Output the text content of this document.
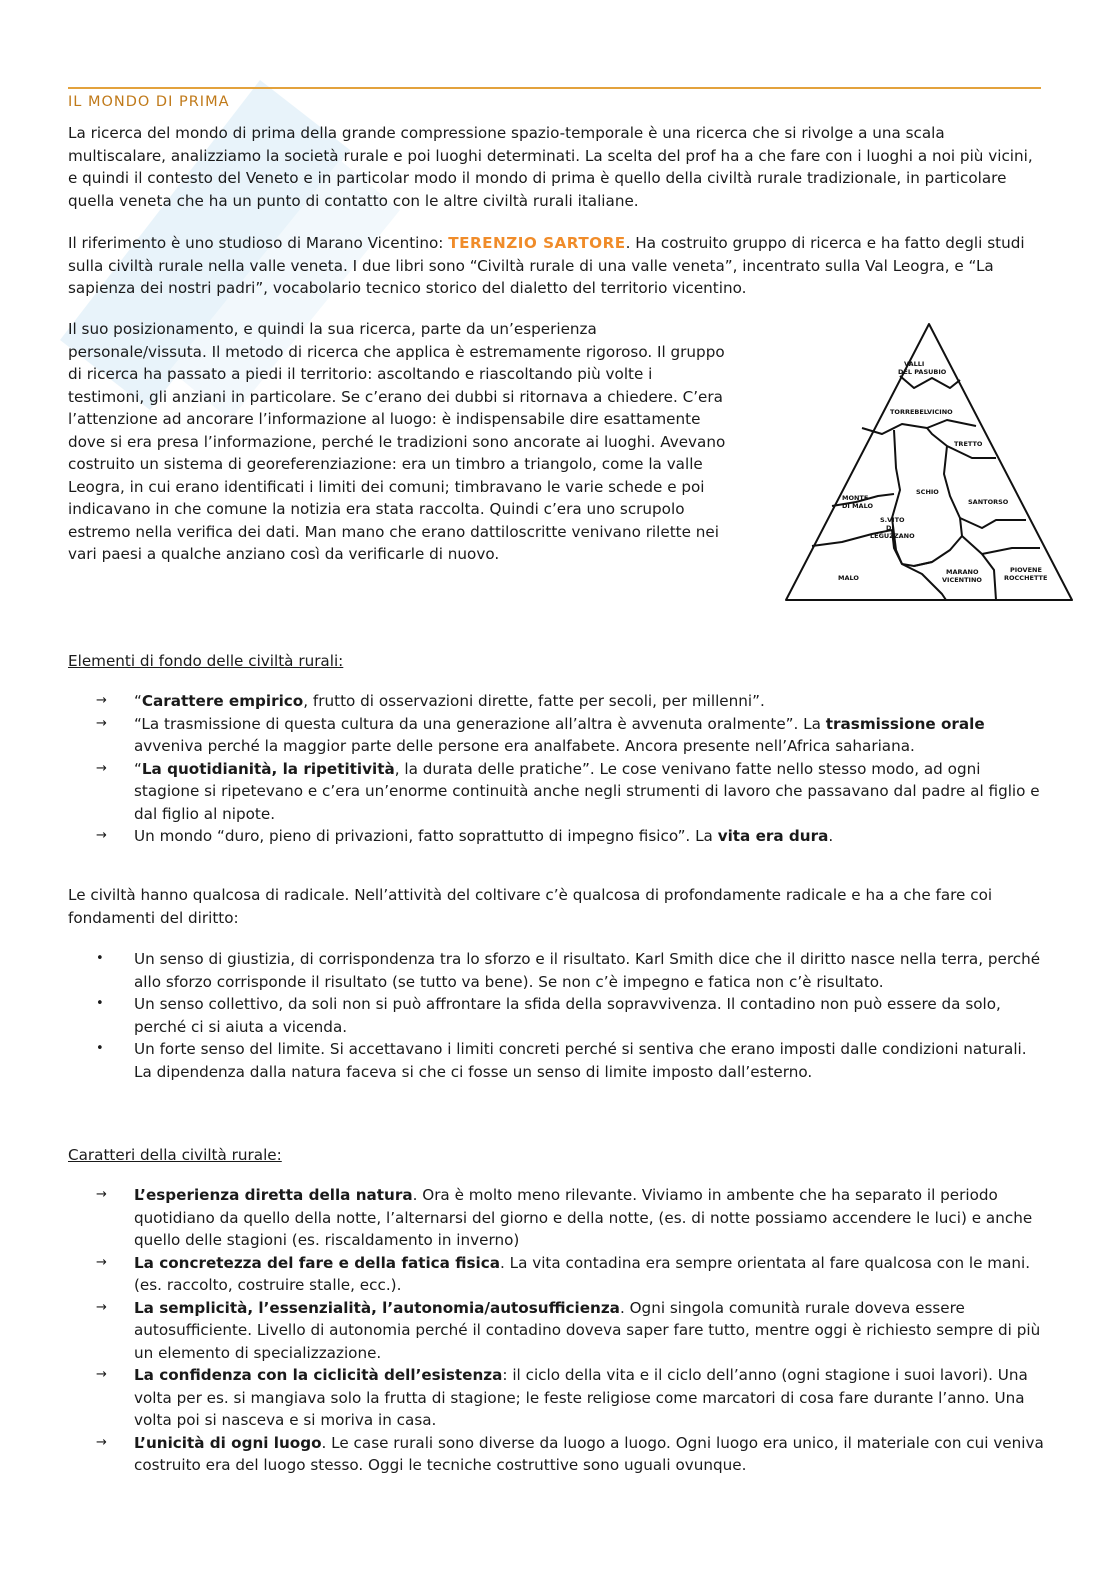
IL MONDO DI PRIMA

La ricerca del mondo di prima della grande compressione spazio-temporale è una ricerca che si rivolge a una scala multiscalare, analizziamo la società rurale e poi luoghi determinati. La scelta del prof ha a che fare con i luoghi a noi più vicini, e quindi il contesto del Veneto e in particolar modo il mondo di prima è quello della civiltà rurale tradizionale, in particolare quella veneta che ha un punto di contatto con le altre civiltà rurali italiane.

Il riferimento è uno studioso di Marano Vicentino: TERENZIO SARTORE. Ha costruito gruppo di ricerca e ha fatto degli studi sulla civiltà rurale nella valle veneta. I due libri sono “Civiltà rurale di una valle veneta”, incentrato sulla Val Leogra, e “La sapienza dei nostri padri”, vocabolario tecnico storico del dialetto del territorio vicentino.

Il suo posizionamento, e quindi la sua ricerca, parte da un’esperienza personale/vissuta. Il metodo di ricerca che applica è estremamente rigoroso. Il gruppo di ricerca ha passato a piedi il territorio: ascoltando e riascoltando più volte i testimoni, gli anziani in particolare. Se c’erano dei dubbi si ritornava a chiedere. C’era l’attenzione ad ancorare l’informazione al luogo: è indispensabile dire esattamente dove si era presa l’informazione, perché le tradizioni sono ancorate ai luoghi. Avevano costruito un sistema di georeferenziazione: era un timbro a triangolo, come la valle Leogra, in cui erano identificati i limiti dei comuni; timbravano le varie schede e poi indicavano in che comune la notizia era stata raccolta. Quindi c’era uno scrupolo estremo nella verifica dei dati. Man mano che erano dattiloscritte venivano rilette nei vari paesi a qualche anziano così da verificarle di nuovo.

VALLI
DEL PASUBIO
TORREBELVICINO
TRETTO
SCHIO
SANTORSO
MONTE
DI MALO
S.VITO
DI
LEGUZZANO
MALO
MARANO
VICENTINO
PIOVENE
ROCCHETTE

Elementi di fondo delle civiltà rurali:

→	“Carattere empirico, frutto di osservazioni dirette, fatte per secoli, per millenni”.
→	“La trasmissione di questa cultura da una generazione all’altra è avvenuta oralmente”. La trasmissione orale avveniva perché la maggior parte delle persone era analfabete. Ancora presente nell’Africa sahariana.
→	“La quotidianità, la ripetitività, la durata delle pratiche”. Le cose venivano fatte nello stesso modo, ad ogni stagione si ripetevano e c’era un’enorme continuità anche negli strumenti di lavoro che passavano dal padre al figlio e dal figlio al nipote.
→	Un mondo “duro, pieno di privazioni, fatto soprattutto di impegno fisico”. La vita era dura.

Le civiltà hanno qualcosa di radicale. Nell’attività del coltivare c’è qualcosa di profondamente radicale e ha a che fare coi fondamenti del diritto:

•	Un senso di giustizia, di corrispondenza tra lo sforzo e il risultato. Karl Smith dice che il diritto nasce nella terra, perché allo sforzo corrisponde il risultato (se tutto va bene). Se non c’è impegno e fatica non c’è risultato.
•	Un senso collettivo, da soli non si può affrontare la sfida della sopravvivenza. Il contadino non può essere da solo, perché ci si aiuta a vicenda.
•	Un forte senso del limite. Si accettavano i limiti concreti perché si sentiva che erano imposti dalle condizioni naturali. La dipendenza dalla natura faceva si che ci fosse un senso di limite imposto dall’esterno.

Caratteri della civiltà rurale:

→	L’esperienza diretta della natura. Ora è molto meno rilevante. Viviamo in ambente che ha separato il periodo quotidiano da quello della notte, l’alternarsi del giorno e della notte, (es. di notte possiamo accendere le luci) e anche quello delle stagioni (es. riscaldamento in inverno)
→	La concretezza del fare e della fatica fisica. La vita contadina era sempre orientata al fare qualcosa con le mani. (es. raccolto, costruire stalle, ecc.).
→	La semplicità, l’essenzialità, l’autonomia/autosufficienza. Ogni singola comunità rurale doveva essere autosufficiente. Livello di autonomia perché il contadino doveva saper fare tutto, mentre oggi è richiesto sempre di più un elemento di specializzazione.
→	La confidenza con la ciclicità dell’esistenza: il ciclo della vita e il ciclo dell’anno (ogni stagione i suoi lavori). Una volta per es. si mangiava solo la frutta di stagione; le feste religiose come marcatori di cosa fare durante l’anno. Una volta poi si nasceva e si moriva in casa.
→	L’unicità di ogni luogo. Le case rurali sono diverse da luogo a luogo. Ogni luogo era unico, il materiale con cui veniva costruito era del luogo stesso. Oggi le tecniche costruttive sono uguali ovunque.
